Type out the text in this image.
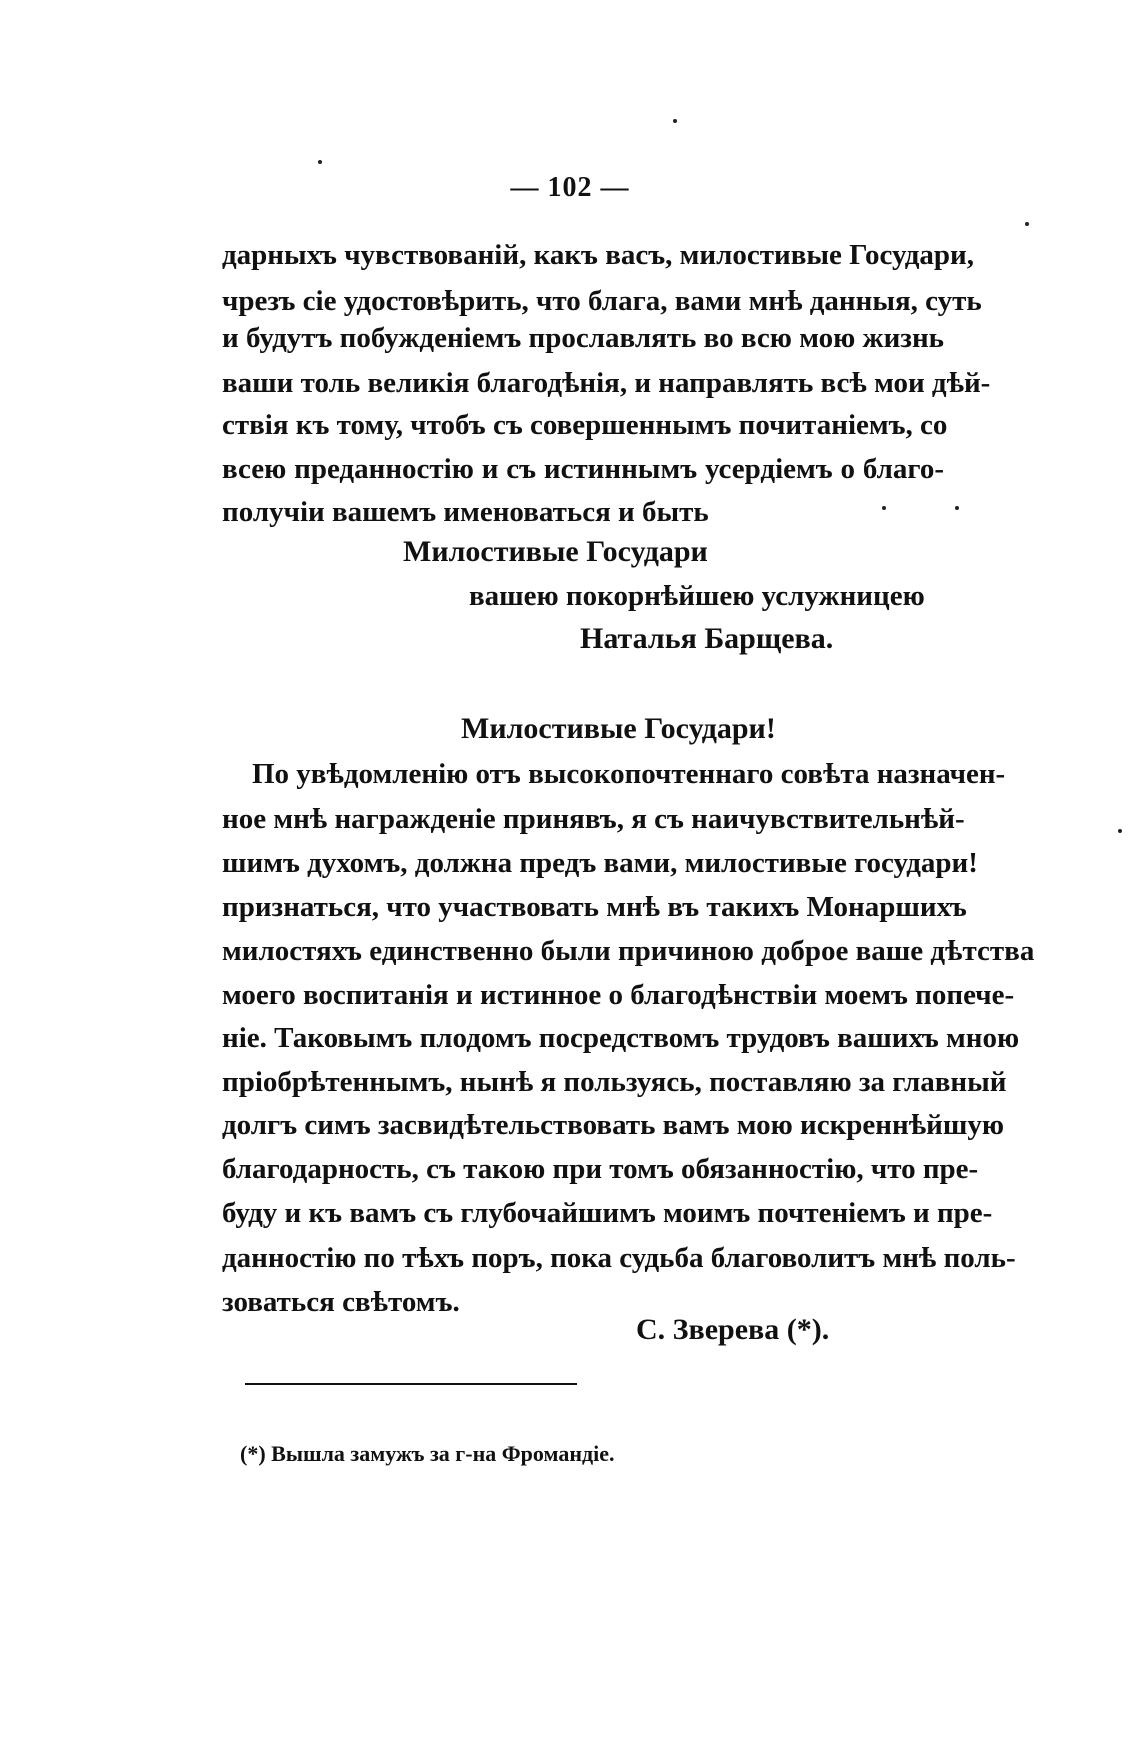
— 102 —
дарныхъ чувствованій, какъ васъ, милостивые Государи,
чрезъ сіе удостовѣрить, что блага, вами мнѣ данныя, суть
и будутъ побужденіемъ прославлять во всю мою жизнь
ваши толь великія благодѣнія, и направлять всѣ мои дѣй-
ствія къ тому, чтобъ съ совершеннымъ почитаніемъ, со
всею преданностію и съ истиннымъ усердіемъ о благо-
получіи вашемъ именоваться и быть
Милостивые Государи
вашею покорнѣйшею услужницею
Наталья Барщева.
Милостивые Государи!
По увѣдомленію отъ высокопочтеннаго совѣта назначен-
ное мнѣ награжденіе принявъ, я съ наичувствительнѣй-
шимъ духомъ, должна предъ вами, милостивые государи!
признаться, что участвовать мнѣ въ такихъ Монаршихъ
милостяхъ единственно были причиною доброе ваше дѣтства
моего воспитанія и истинное о благодѣнствіи моемъ попече-
ніе. Таковымъ плодомъ посредствомъ трудовъ вашихъ мною
пріобрѣтеннымъ, нынѣ я пользуясь, поставляю за главный
долгъ симъ засвидѣтельствовать вамъ мою искреннѣйшую
благодарность, съ такою при томъ обязанностію, что пре-
буду и къ вамъ съ глубочайшимъ моимъ почтеніемъ и пре-
данностію по тѣхъ поръ, пока судьба благоволитъ мнѣ поль-
зоваться свѣтомъ.
С. Зверева (*).
(*) Вышла замужъ за г-на Фромандіе.
